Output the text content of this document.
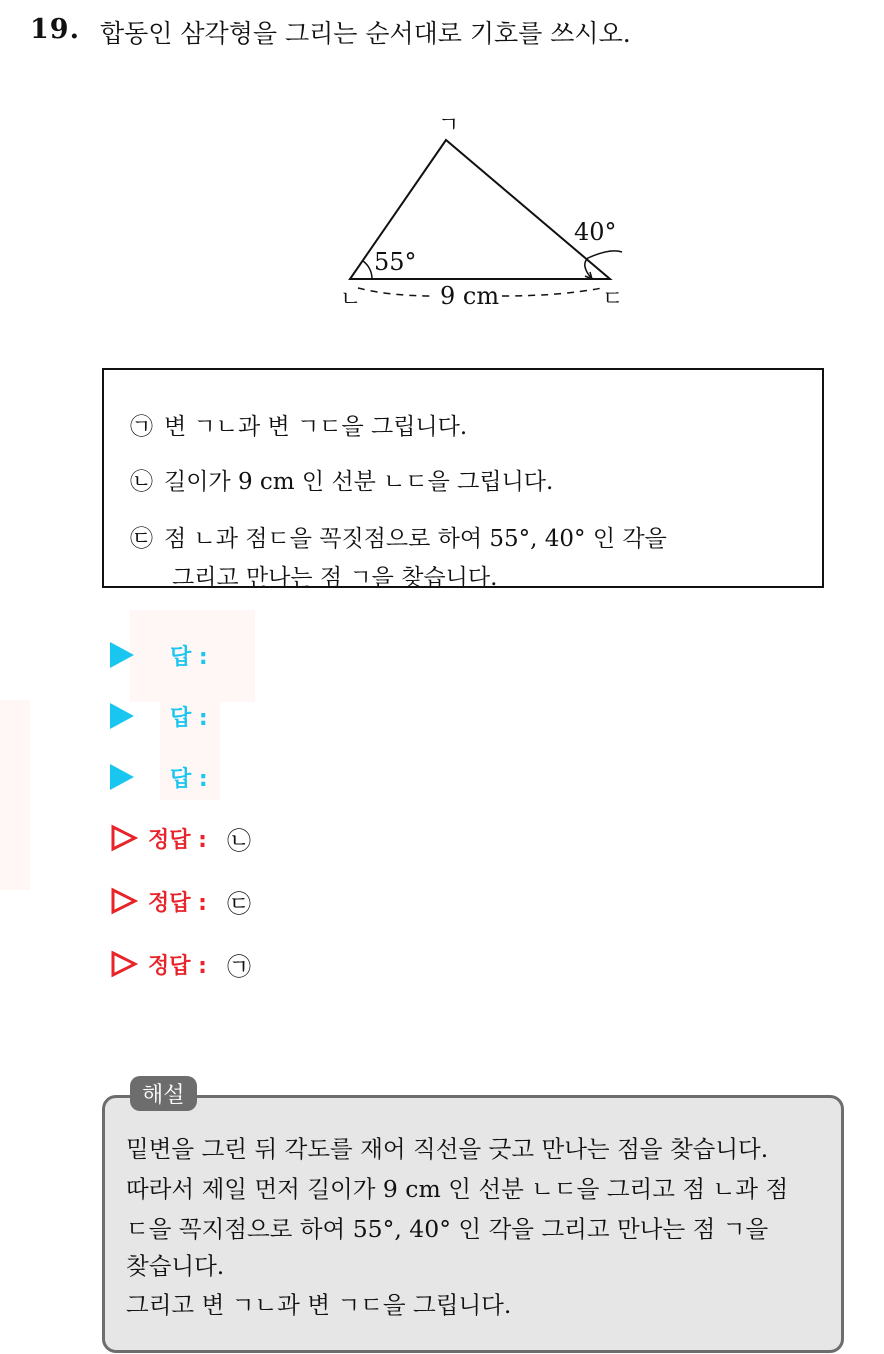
19. 합동인 삼각형을 그리는 순서대로 기호를 쓰시오.
ㄱ
ㄴ	ㄷ
55°
40°
9 cm
㉠ 변 ㄱㄴ과 변 ㄱㄷ을 그립니다.
㉡ 길이가 9 cm 인 선분 ㄴㄷ을 그립니다.
㉢ 점 ㄴ과 점ㄷ을 꼭짓점으로 하여 55°, 40° 인 각을
그리고 만나는 점 ㄱ을 찾습니다.
답 :
답 :
답 :
정답 : ㉡
정답 : ㉢
정답 : ㉠
해설
밑변을 그린 뒤 각도를 재어 직선을 긋고 만나는 점을 찾습니다.
따라서 제일 먼저 길이가 9 cm 인 선분 ㄴㄷ을 그리고 점 ㄴ과 점
ㄷ을 꼭지점으로 하여 55°, 40° 인 각을 그리고 만나는 점 ㄱ을
찾습니다.
그리고 변 ㄱㄴ과 변 ㄱㄷ을 그립니다.
